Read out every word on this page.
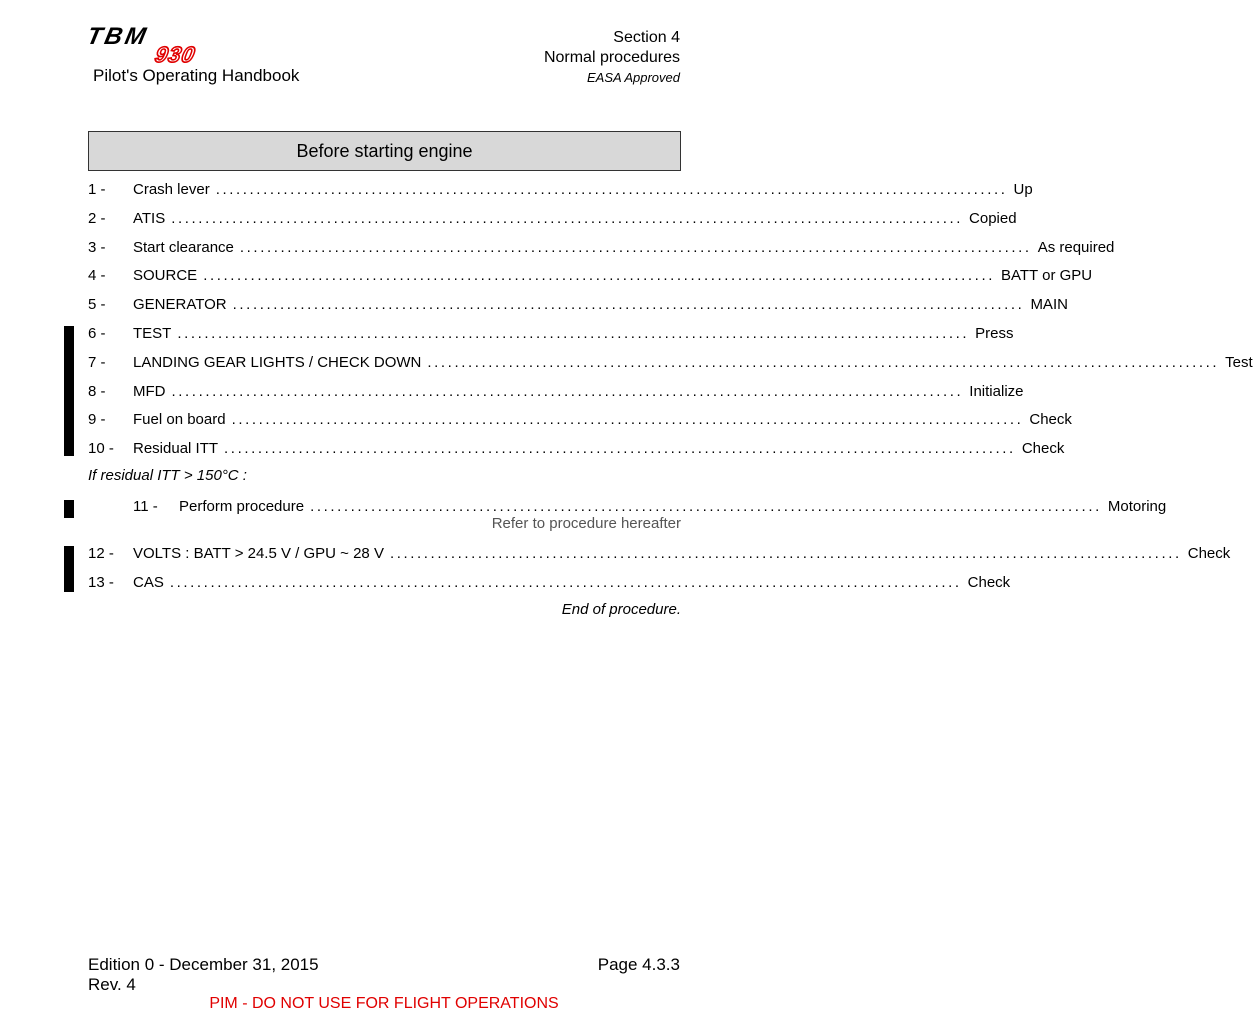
TBM
930
Pilot's Operating Handbook
Section 4
Normal procedures
EASA Approved
Before starting engine
1 -	Crash lever ..................................................................................................................... Up
2 -	ATIS ..................................................................................................................... Copied
3 -	Start clearance ..................................................................................................................... As required
4 -	SOURCE ..................................................................................................................... BATT or GPU
5 -	GENERATOR ..................................................................................................................... MAIN
6 -	TEST ..................................................................................................................... Press
7 -	LANDING GEAR LIGHTS / CHECK DOWN ..................................................................................................................... Test
8 -	MFD ..................................................................................................................... Initialize
9 -	Fuel on board ..................................................................................................................... Check
10 -	Residual ITT ..................................................................................................................... Check
If residual ITT > 150°C :
11 -	Perform procedure ..................................................................................................................... Motoring
Refer to procedure hereafter
12 -	VOLTS : BATT > 24.5 V / GPU ~ 28 V ..................................................................................................................... Check
13 -	CAS ..................................................................................................................... Check
End of procedure.
Edition 0 - December 31, 2015
Rev. 4
Page 4.3.3
PIM - DO NOT USE FOR FLIGHT OPERATIONS
